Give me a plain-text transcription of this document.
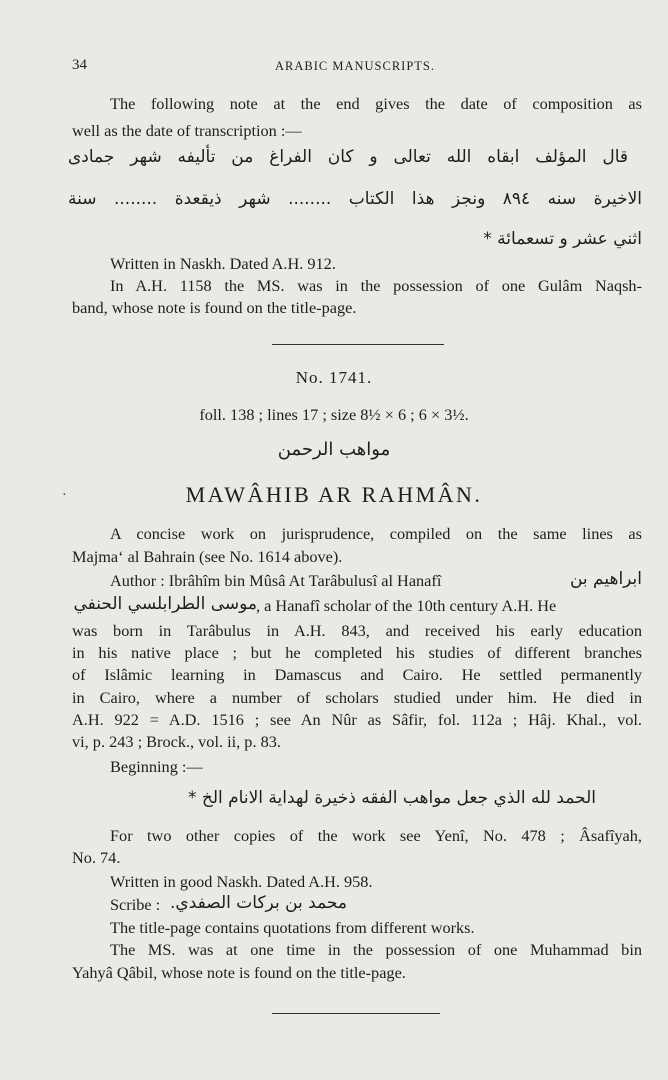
34	ARABIC MANUSCRIPTS.
The following note at the end gives the date of composition as
well as the date of transcription :—
قال المؤلف ابقاه الله تعالى و كان الفراغ من تأليفه شهر جمادى
الاخيرة سنه ٨٩٤ ونجز هذا الكتاب ........ شهر ذيقعدة ........ سنة
اثني عشر و تسعمائة *
Written in Naskh. Dated A.H. 912.
In A.H. 1158 the MS. was in the possession of one Gulâm Naqsh-
band, whose note is found on the title-page.
No. 1741.
foll. 138 ; lines 17 ; size 8½ × 6 ; 6 × 3½.
مواهب الرحمن
MAWÂHIB AR RAHMÂN.
·
A concise work on jurisprudence, compiled on the same lines as
Majma‘ al Bahrain (see No. 1614 above).
Author : Ibrâhîm bin Mûsâ At Tarâbulusî al Hanafî	ابراهيم بن
موسى الطرابلسي الحنفي , a Hanafî scholar of the 10th century A.H. He
was born in Tarâbulus in A.H. 843, and received his early education
in his native place ; but he completed his studies of different branches
of Islâmic learning in Damascus and Cairo. He settled permanently
in Cairo, where a number of scholars studied under him. He died in
A.H. 922 = A.D. 1516 ; see An Nûr as Sâfir, fol. 112a ; Hâj. Khal., vol.
vi, p. 243 ; Brock., vol. ii, p. 83.
Beginning :—
الحمد لله الذي جعل مواهب الفقه ذخيرة لهداية الانام الخ *
For two other copies of the work see Yenî, No. 478 ; Âsafîyah,
No. 74.
Written in good Naskh. Dated A.H. 958.
Scribe : محمد بن بركات الصفدي.
The title-page contains quotations from different works.
The MS. was at one time in the possession of one Muhammad bin
Yahyâ Qâbil, whose note is found on the title-page.
